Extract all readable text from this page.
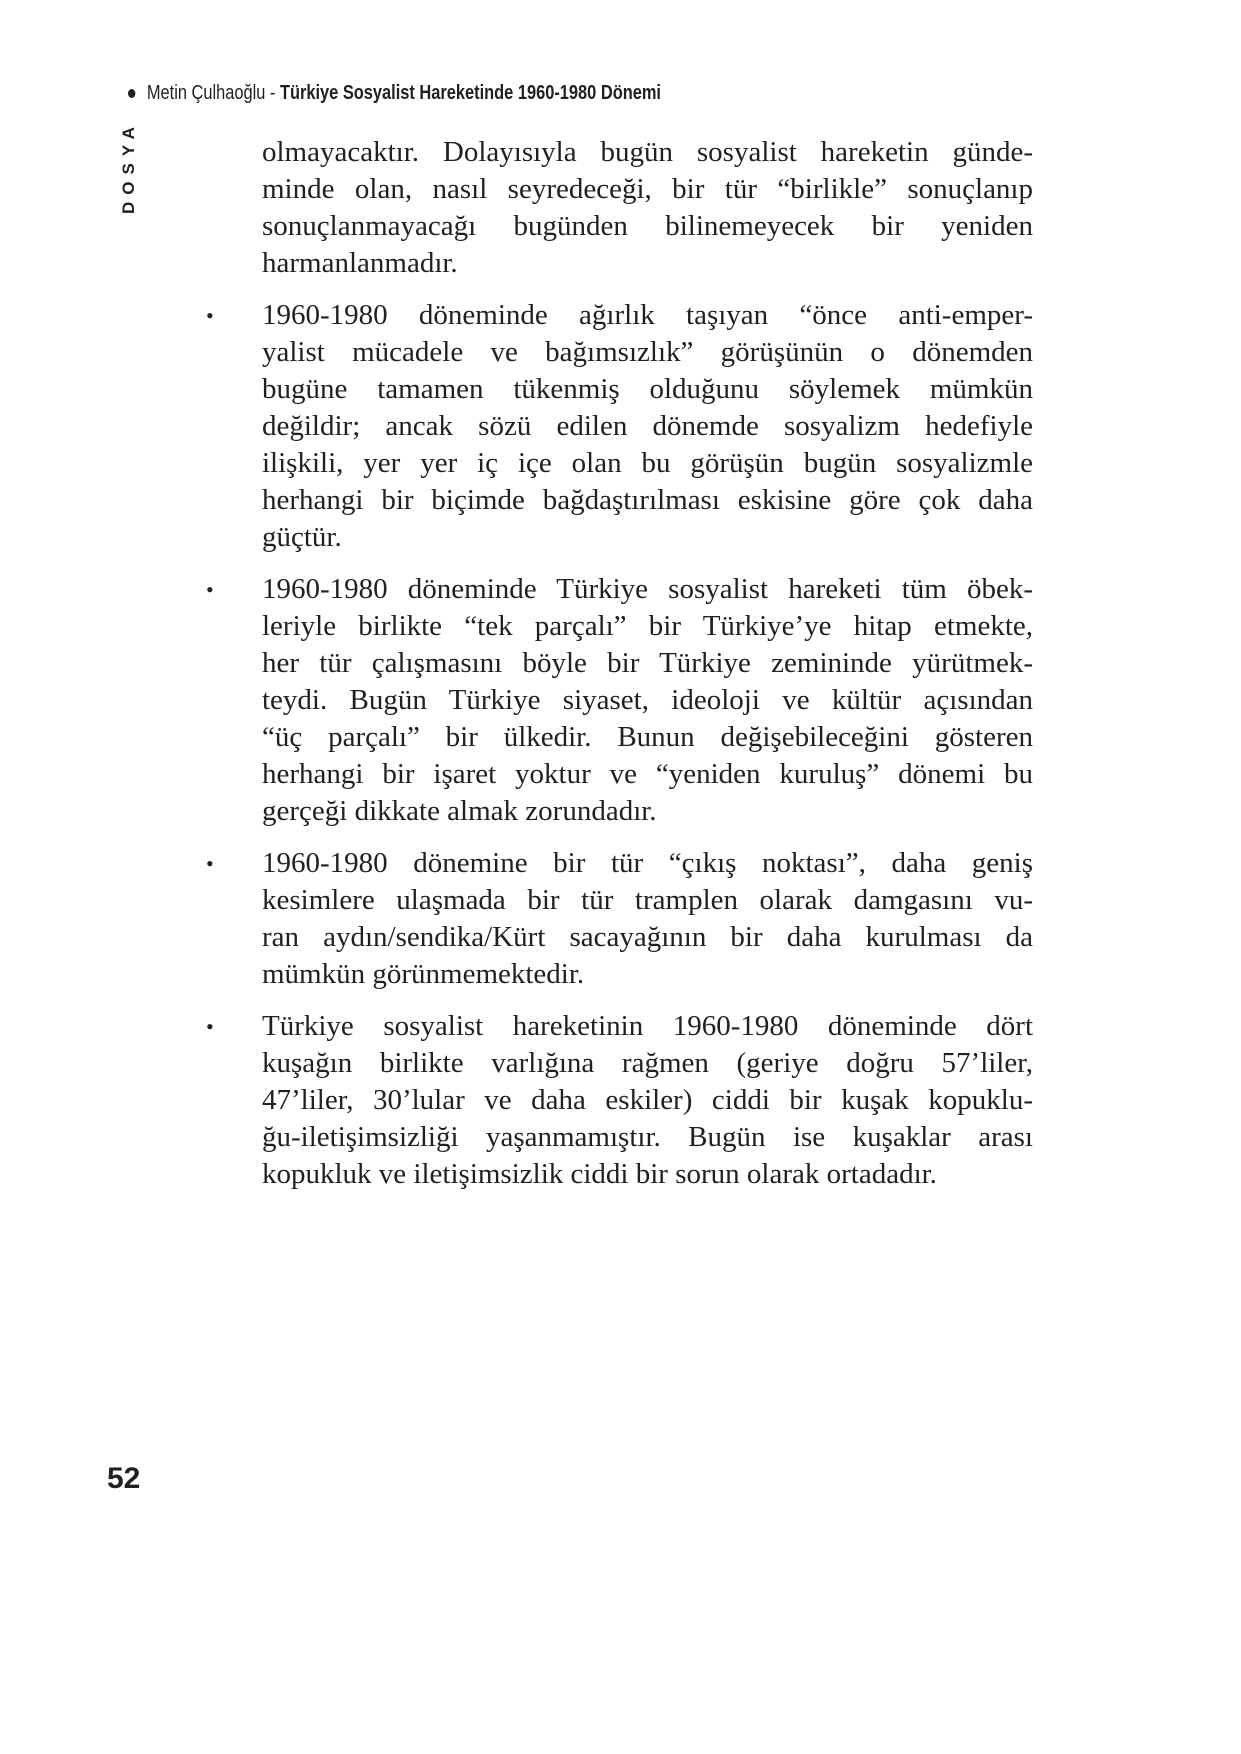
Metin Çulhaoğlu - Türkiye Sosyalist Hareketinde 1960-1980 Dönemi
DOSYA	olmayacaktır. Dolayısıyla bugün sosyalist hareketin günde-
minde olan, nasıl seyredeceği, bir tür “birlikle” sonuçlanıp
sonuçlanmayacağı bugünden bilinemeyecek bir yeniden
harmanlanmadır.
• 1960-1980 döneminde ağırlık taşıyan “önce anti-emper-
yalist mücadele ve bağımsızlık” görüşünün o dönemden
bugüne tamamen tükenmiş olduğunu söylemek mümkün
değildir; ancak sözü edilen dönemde sosyalizm hedefiyle
ilişkili, yer yer iç içe olan bu görüşün bugün sosyalizmle
herhangi bir biçimde bağdaştırılması eskisine göre çok daha
güçtür.
• 1960-1980 döneminde Türkiye sosyalist hareketi tüm öbek-
leriyle birlikte “tek parçalı” bir Türkiye’ye hitap etmekte,
her tür çalışmasını böyle bir Türkiye zemininde yürütmek-
teydi. Bugün Türkiye siyaset, ideoloji ve kültür açısından
“üç parçalı” bir ülkedir. Bunun değişebileceğini gösteren
herhangi bir işaret yoktur ve “yeniden kuruluş” dönemi bu
gerçeği dikkate almak zorundadır.
• 1960-1980 dönemine bir tür “çıkış noktası”, daha geniş
kesimlere ulaşmada bir tür tramplen olarak damgasını vu-
ran aydın/sendika/Kürt sacayağının bir daha kurulması da
mümkün görünmemektedir.
• Türkiye sosyalist hareketinin 1960-1980 döneminde dört
kuşağın birlikte varlığına rağmen (geriye doğru 57’liler,
47’liler, 30’lular ve daha eskiler) ciddi bir kuşak kopuklu-
ğu-iletişimsizliği yaşanmamıştır. Bugün ise kuşaklar arası
kopukluk ve iletişimsizlik ciddi bir sorun olarak ortadadır.
52
